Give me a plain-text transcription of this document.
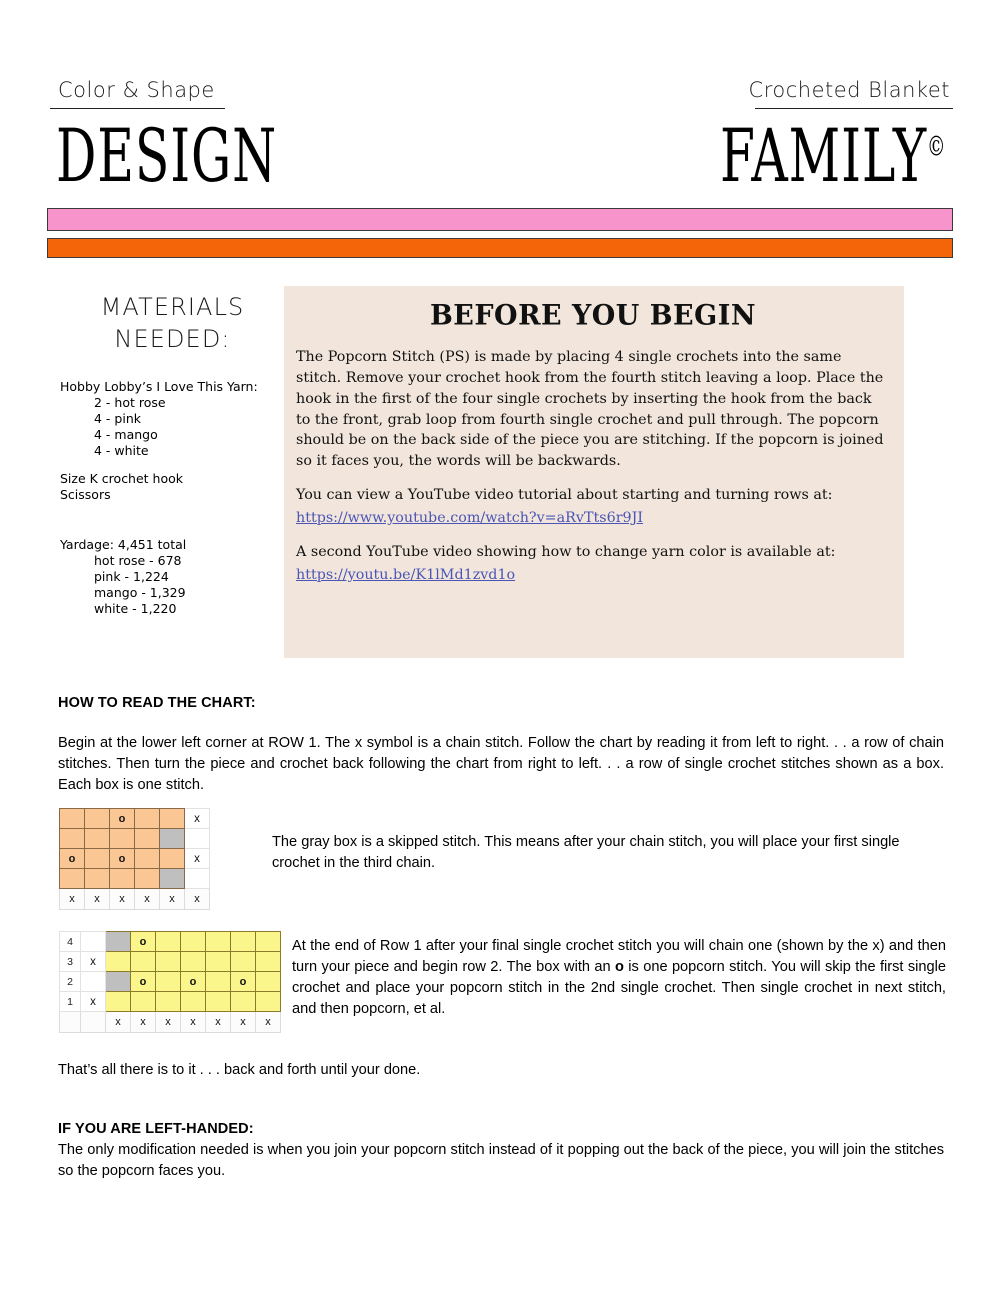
Color & Shape
DESIGN
Crocheted Blanket
FAMILY©
MATERIALS
NEEDED:
Hobby Lobby’s I Love This Yarn:
2 - hot rose
4 - pink
4 - mango
4 - white
Size K crochet hook
Scissors
Yardage: 4,451 total
hot rose - 678
pink - 1,224
mango - 1,329
white - 1,220
BEFORE YOU BEGIN

The Popcorn Stitch (PS) is made by placing 4 single crochets into the same stitch. Remove your crochet hook from the fourth stitch leaving a loop. Place the hook in the first of the four single crochets by inserting the hook from the back to the front, grab loop from fourth single crochet and pull through. The popcorn should be on the back side of the piece you are stitching. If the popcorn is joined so it faces you, the words will be backwards.

You can view a YouTube video tutorial about starting and turning rows at:

https://www.youtube.com/watch?v=aRvTts6r9JI

A second YouTube video showing how to change yarn color is available at:

https://youtu.be/K1lMd1zvd1o
HOW TO READ THE CHART:
Begin at the lower left corner at ROW 1. The x symbol is a chain stitch. Follow the chart by reading it from left to right. . . a row of chain stitches. Then turn the piece and crochet back following the chart from right to left. . . a row of single crochet stitches shown as a box. Each box is one stitch.
		o			x

o		o			x

x	x	x	x	x	x
The gray box is a skipped stitch. This means after your chain stitch, you will place your first single crochet in the third chain.
4			o					
3	x							
2			o		o		o	
1	x							
		x	x	x	x	x	x	x
At the end of Row 1 after your final single crochet stitch you will chain one (shown by the x) and then turn your piece and begin row 2. The box with an o is one popcorn stitch. You will skip the first single crochet and place your popcorn stitch in the 2nd single crochet. Then single crochet in next stitch, and then popcorn, et al.
That’s all there is to it . . . back and forth until your done.
IF YOU ARE LEFT-HANDED:
The only modification needed is when you join your popcorn stitch instead of it popping out the back of the piece, you will join the stitches so the popcorn faces you.
